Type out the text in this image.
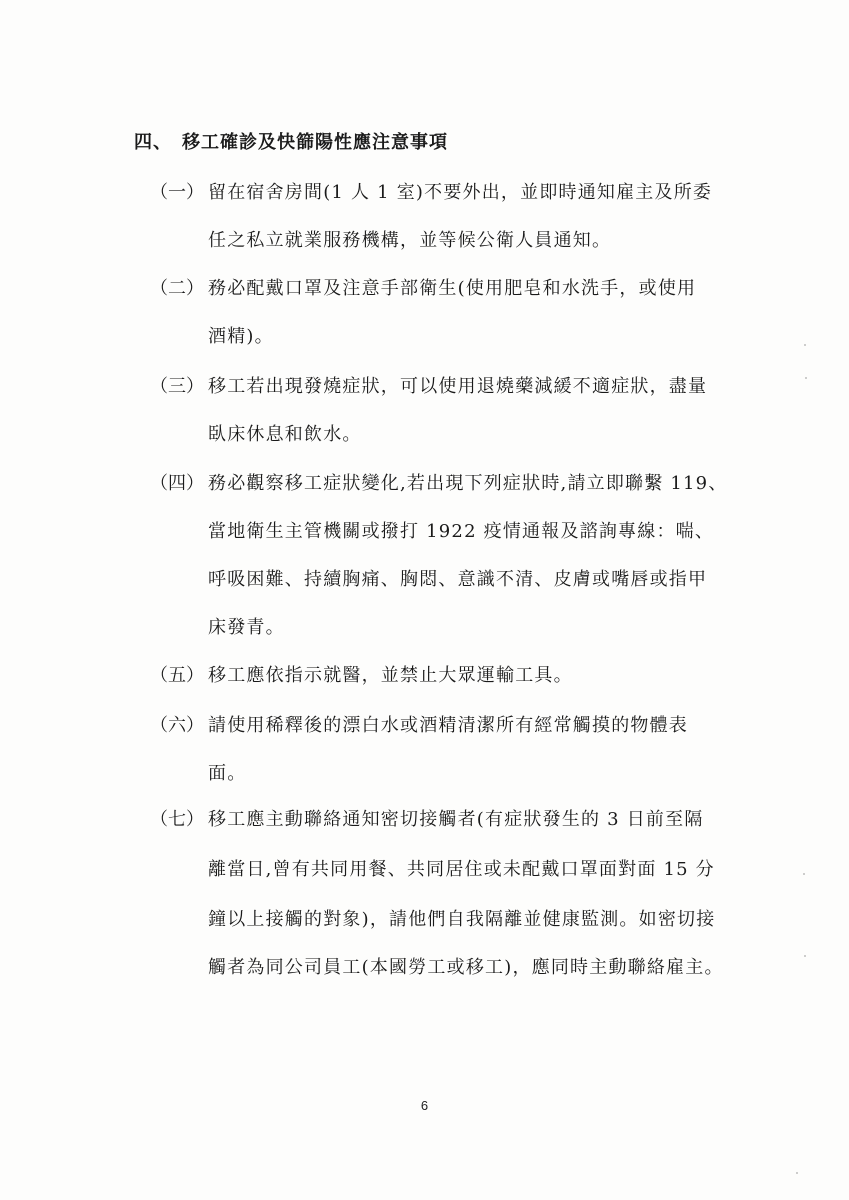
四、 移工確診及快篩陽性應注意事項
（一） 留在宿舍房間(1 人 1 室)不要外出，並即時通知雇主及所委
任之私立就業服務機構，並等候公衛人員通知。
（二） 務必配戴口罩及注意手部衛生(使用肥皂和水洗手，或使用
酒精)。
（三） 移工若出現發燒症狀，可以使用退燒藥減緩不適症狀，盡量
臥床休息和飲水。
（四） 務必觀察移工症狀變化,若出現下列症狀時,請立即聯繫 119、
當地衛生主管機關或撥打 1922 疫情通報及諮詢專線：喘、
呼吸困難、持續胸痛、胸悶、意識不清、皮膚或嘴唇或指甲
床發青。
（五） 移工應依指示就醫，並禁止大眾運輸工具。
（六） 請使用稀釋後的漂白水或酒精清潔所有經常觸摸的物體表
面。
（七） 移工應主動聯絡通知密切接觸者(有症狀發生的 3 日前至隔
離當日,曾有共同用餐、共同居住或未配戴口罩面對面 15 分
鐘以上接觸的對象)，請他們自我隔離並健康監測。如密切接
觸者為同公司員工(本國勞工或移工)，應同時主動聯絡雇主。
6
